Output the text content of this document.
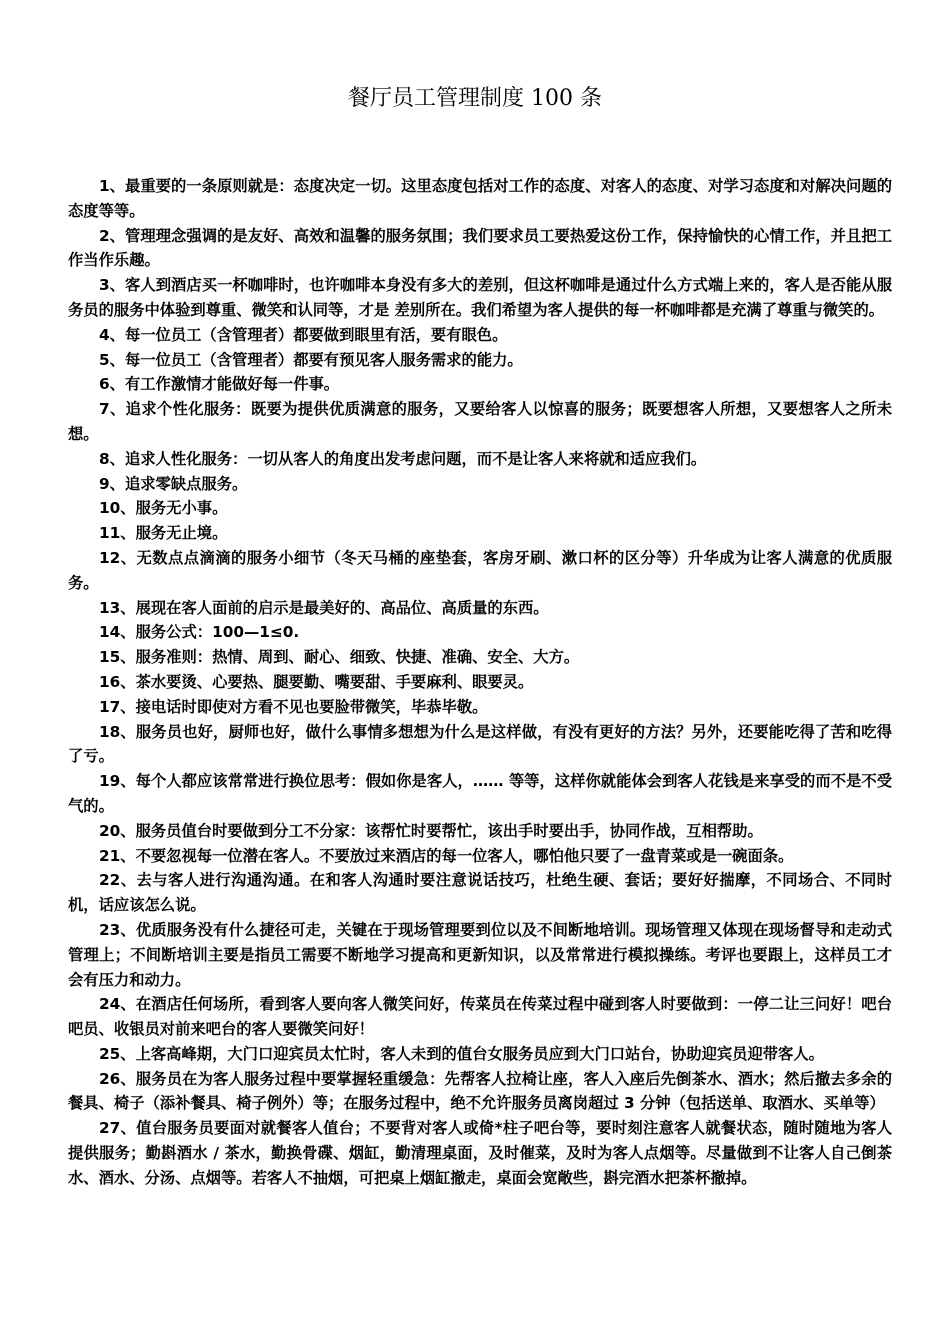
餐厅员工管理制度 100 条

1、最重要的一条原则就是：态度决定一切。这里态度包括对工作的态度、对客人的态度、对学习态度和对解决问题的态度等等。

2、管理理念强调的是友好、高效和温馨的服务氛围；我们要求员工要热爱这份工作，保持愉快的心情工作，并且把工作当作乐趣。

3、客人到酒店买一杯咖啡时，也许咖啡本身没有多大的差别，但这杯咖啡是通过什么方式端上来的，客人是否能从服务员的服务中体验到尊重、微笑和认同等，才是 差别所在。我们希望为客人提供的每一杯咖啡都是充满了尊重与微笑的。

4、每一位员工（含管理者）都要做到眼里有活，要有眼色。

5、每一位员工（含管理者）都要有预见客人服务需求的能力。

6、有工作激情才能做好每一件事。

7、追求个性化服务：既要为提供优质满意的服务，又要给客人以惊喜的服务；既要想客人所想，又要想客人之所未想。

8、追求人性化服务：一切从客人的角度出发考虑问题，而不是让客人来将就和适应我们。

9、追求零缺点服务。

10、服务无小事。

11、服务无止境。

12、无数点点滴滴的服务小细节（冬天马桶的座垫套，客房牙刷、漱口杯的区分等）升华成为让客人满意的优质服务。

13、展现在客人面前的启示是最美好的、高品位、高质量的东西。

14、服务公式：100—1≤0.

15、服务准则：热情、周到、耐心、细致、快捷、准确、安全、大方。

16、茶水要烫、心要热、腿要勤、嘴要甜、手要麻利、眼要灵。

17、接电话时即使对方看不见也要脸带微笑，毕恭毕敬。

18、服务员也好，厨师也好，做什么事情多想想为什么是这样做，有没有更好的方法？另外，还要能吃得了苦和吃得了亏。

19、每个人都应该常常进行换位思考：假如你是客人，…… 等等，这样你就能体会到客人花钱是来享受的而不是不受气的。

20、服务员值台时要做到分工不分家：该帮忙时要帮忙，该出手时要出手，协同作战，互相帮助。

21、不要忽视每一位潜在客人。不要放过来酒店的每一位客人，哪怕他只要了一盘青菜或是一碗面条。

22、去与客人进行沟通沟通。在和客人沟通时要注意说话技巧，杜绝生硬、套话；要好好揣摩，不同场合、不同时机，话应该怎么说。

23、优质服务没有什么捷径可走，关键在于现场管理要到位以及不间断地培训。现场管理又体现在现场督导和走动式管理上；不间断培训主要是指员工需要不断地学习提高和更新知识，以及常常进行模拟操练。考评也要跟上，这样员工才会有压力和动力。

24、在酒店任何场所，看到客人要向客人微笑问好，传菜员在传菜过程中碰到客人时要做到：一停二让三问好！吧台吧员、收银员对前来吧台的客人要微笑问好！

25、上客高峰期，大门口迎宾员太忙时，客人未到的值台女服务员应到大门口站台，协助迎宾员迎带客人。

26、服务员在为客人服务过程中要掌握轻重缓急：先帮客人拉椅让座，客人入座后先倒茶水、酒水；然后撤去多余的餐具、椅子（添补餐具、椅子例外）等；在服务过程中，绝不允许服务员离岗超过 3 分钟（包括送单、取酒水、买单等）

27、值台服务员要面对就餐客人值台；不要背对客人或倚*柱子吧台等，要时刻注意客人就餐状态，随时随地为客人提供服务；勤斟酒水 / 茶水，勤换骨碟、烟缸，勤清理桌面，及时催菜，及时为客人点烟等。尽量做到不让客人自己倒茶水、酒水、分汤、点烟等。若客人不抽烟，可把桌上烟缸撤走，桌面会宽敞些，斟完酒水把茶杯撤掉。
